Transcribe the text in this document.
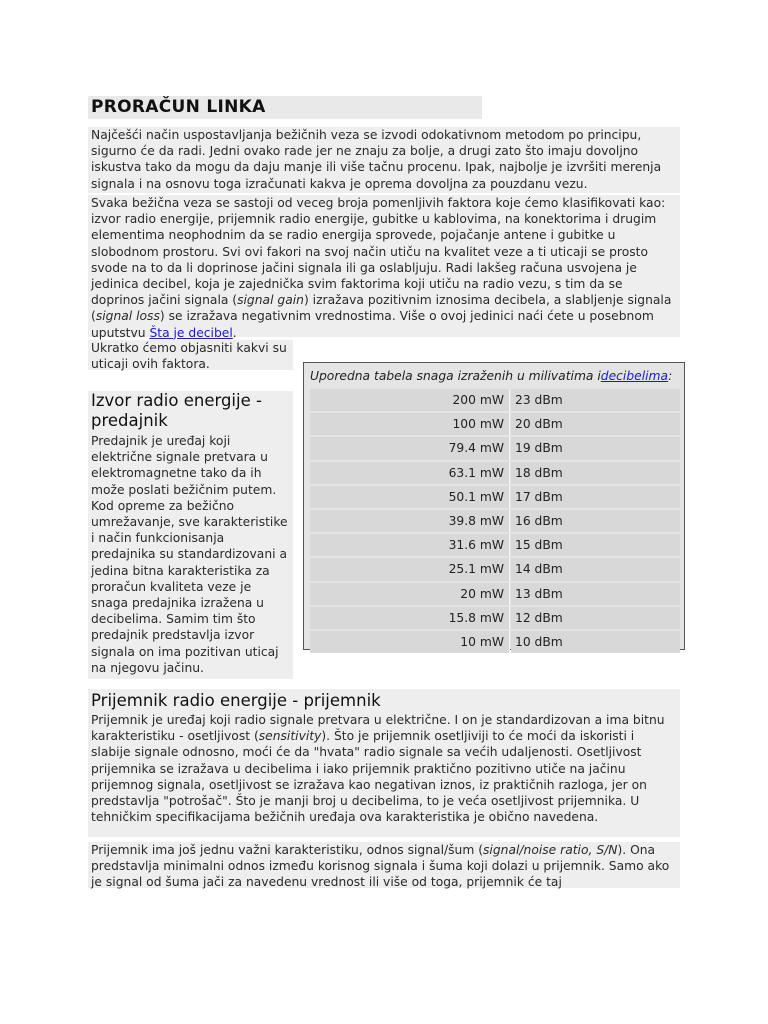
PRORAČUN LINKA
Najčešći način uspostavljanja bežičnih veza se izvodi odokativnom metodom po principu, sigurno će da radi. Jedni ovako rade jer ne znaju za bolje, a drugi zato što imaju dovoljno iskustva tako da mogu da daju manje ili više tačnu procenu. Ipak, najbolje je izvršiti merenja signala i na osnovu toga izračunati kakva je oprema dovoljna za pouzdanu vezu.
Svaka bežična veza se sastoji od veceg broja pomenljivih faktora koje ćemo klasifikovati kao: izvor radio energije, prijemnik radio energije, gubitke u kablovima, na konektorima i drugim elementima neophodnim da se radio energija sprovede, pojačanje antene i gubitke u slobodnom prostoru. Svi ovi fakori na svoj način utiču na kvalitet veze a ti uticaji se prosto svode na to da li doprinose jačini signala ili ga oslabljuju. Radi lakšeg računa usvojena je jedinica decibel, koja je zajednička svim faktorima koji utiču na radio vezu, s tim da se doprinos jačini signala (signal gain) izražava pozitivnim iznosima decibela, a slabljenje signala (signal loss) se izražava negativnim vrednostima. Više o ovoj jedinici naći ćete u posebnom uputstvu Šta je decibel.
Ukratko ćemo objasniti kakvi su uticaji ovih faktora.
Uporedna tabela snaga izraženih u milivatima idecibelima:
200 mW 23 dBm
100 mW 20 dBm
79.4 mW 19 dBm
63.1 mW 18 dBm
50.1 mW 17 dBm
39.8 mW 16 dBm
31.6 mW 15 dBm
25.1 mW 14 dBm
20 mW 13 dBm
15.8 mW 12 dBm
10 mW 10 dBm
Izvor radio energije - predajnik
Predajnik je uređaj koji električne signale pretvara u elektromagnetne tako da ih može poslati bežičnim putem. Kod opreme za bežično umrežavanje, sve karakteristike i način funkcionisanja predajnika su standardizovani a jedina bitna karakteristika za proračun kvaliteta veze je snaga predajnika izražena u decibelima. Samim tim što predajnik predstavlja izvor signala on ima pozitivan uticaj na njegovu jačinu.
Prijemnik radio energije - prijemnik
Prijemnik je uređaj koji radio signale pretvara u električne. I on je standardizovan a ima bitnu karakteristiku - osetljivost (sensitivity). Što je prijemnik osetljiviji to će moći da iskoristi i slabije signale odnosno, moći će da "hvata" radio signale sa većih udaljenosti. Osetljivost prijemnika se izražava u decibelima i iako prijemnik praktično pozitivno utiče na jačinu prijemnog signala, osetljivost se izražava kao negativan iznos, iz praktičnih razloga, jer on predstavlja "potrošač". Što je manji broj u decibelima, to je veća osetljivost prijemnika. U tehničkim specifikacijama bežičnih uređaja ova karakteristika je obično navedena.
Prijemnik ima još jednu važni karakteristiku, odnos signal/šum (signal/noise ratio, S/N). Ona predstavlja minimalni odnos između korisnog signala i šuma koji dolazi u prijemnik. Samo ako je signal od šuma jači za navedenu vrednost ili više od toga, prijemnik će taj
